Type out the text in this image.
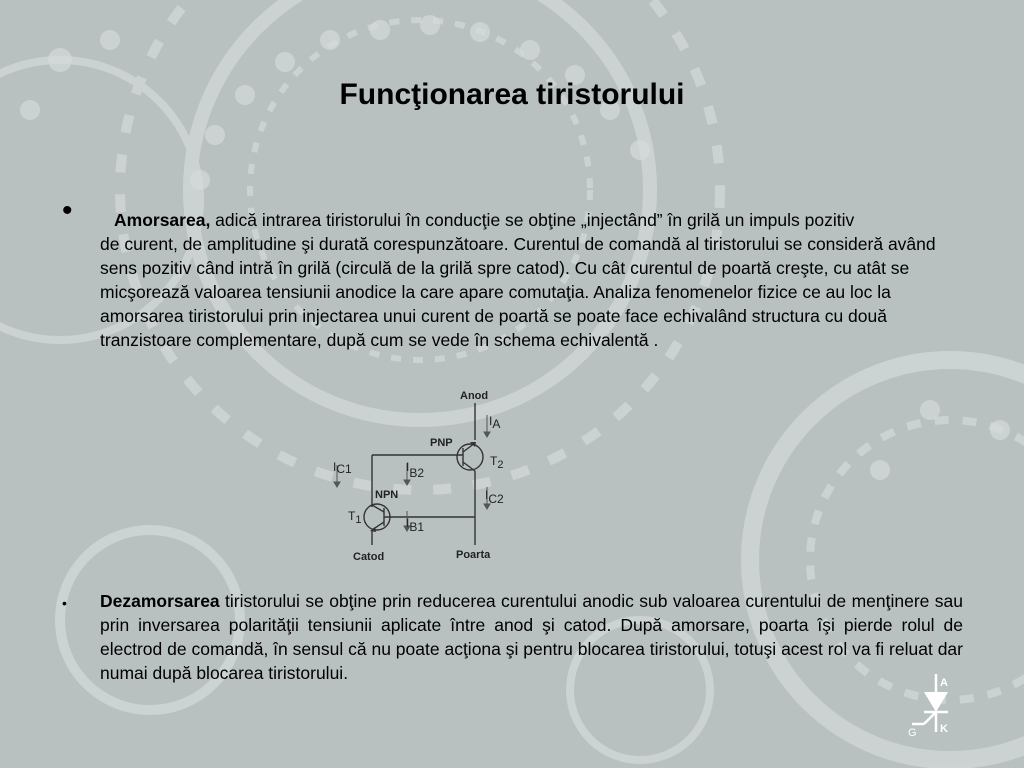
Funcţionarea tiristorului
•	Amorsarea, adică intrarea tiristorului în conducţie se obţine „injectând” în grilă un impuls pozitiv
de curent, de amplitudine şi durată corespunzătoare. Curentul de comandă al tiristorului se consideră având sens pozitiv când intră în grilă (circulă de la grilă spre catod). Cu cât curentul de poartă creşte, cu atât se micşorează valoarea tensiunii anodice la care apare comutaţia. Analiza fenomenelor fizice ce au loc la amorsarea tiristorului prin injectarea unui curent de poartă se poate face echivalând structura cu două tranzistoare complementare, după cum se vede în schema echivalentă .

Anod
PNP
NPN
Catod	Poarta
IA
T2
IC1	IB2
IC2
T1	IB1
• Dezamorsarea tiristorului se obţine prin reducerea curentului anodic sub valoarea curentului de menţinere sau prin inversarea polarităţii tensiunii aplicate între anod şi catod. După amorsare, poarta îşi pierde rolul de electrod de comandă, în sensul că nu poate acţiona şi pentru blocarea tiristorului, totuşi acest rol va fi reluat dar numai după blocarea tiristorului.	A
K
G
